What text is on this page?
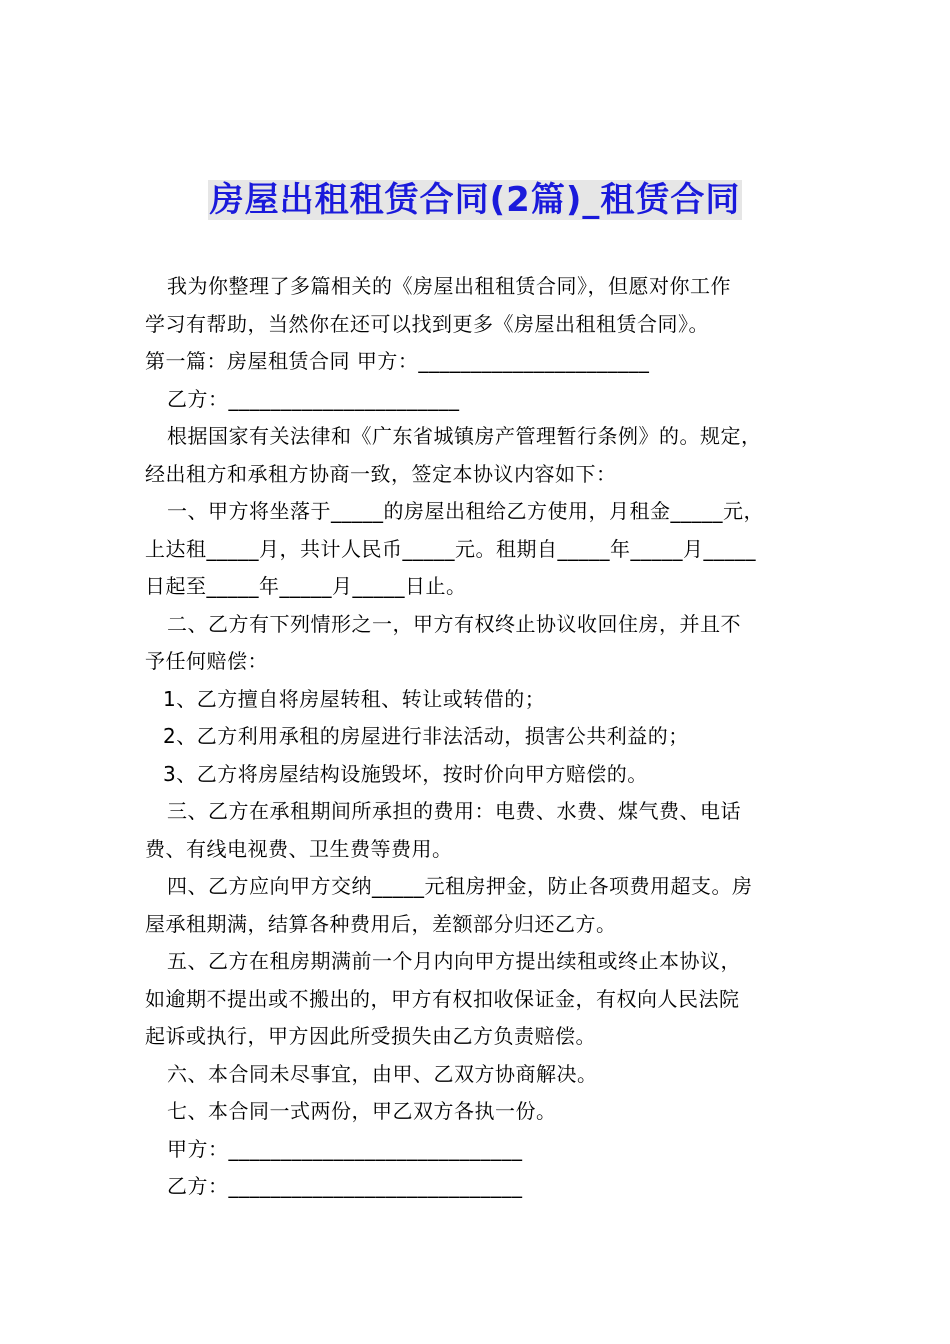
房屋出租租赁合同(2篇)_租赁合同

我为你整理了多篇相关的《房屋出租租赁合同》，但愿对你工作

学习有帮助，当然你在还可以找到更多《房屋出租租赁合同》。

第一篇：房屋租赁合同 甲方：______________________

乙方：______________________

根据国家有关法律和《广东省城镇房产管理暂行条例》的。规定，

经出租方和承租方协商一致，签定本协议内容如下：

一、甲方将坐落于_____的房屋出租给乙方使用，月租金_____元，

上达租_____月，共计人民币_____元。租期自_____年_____月_____

日起至_____年_____月_____日止。

二、乙方有下列情形之一，甲方有权终止协议收回住房，并且不

予任何赔偿：

1、乙方擅自将房屋转租、转让或转借的；

2、乙方利用承租的房屋进行非法活动，损害公共利益的；

3、乙方将房屋结构设施毁坏，按时价向甲方赔偿的。

三、乙方在承租期间所承担的费用：电费、水费、煤气费、电话

费、有线电视费、卫生费等费用。

四、乙方应向甲方交纳_____元租房押金，防止各项费用超支。房

屋承租期满，结算各种费用后，差额部分归还乙方。

五、乙方在租房期满前一个月内向甲方提出续租或终止本协议，

如逾期不提出或不搬出的，甲方有权扣收保证金，有权向人民法院

起诉或执行，甲方因此所受损失由乙方负责赔偿。

六、本合同未尽事宜，由甲、乙双方协商解决。

七、本合同一式两份，甲乙双方各执一份。

甲方：____________________________

乙方：____________________________
